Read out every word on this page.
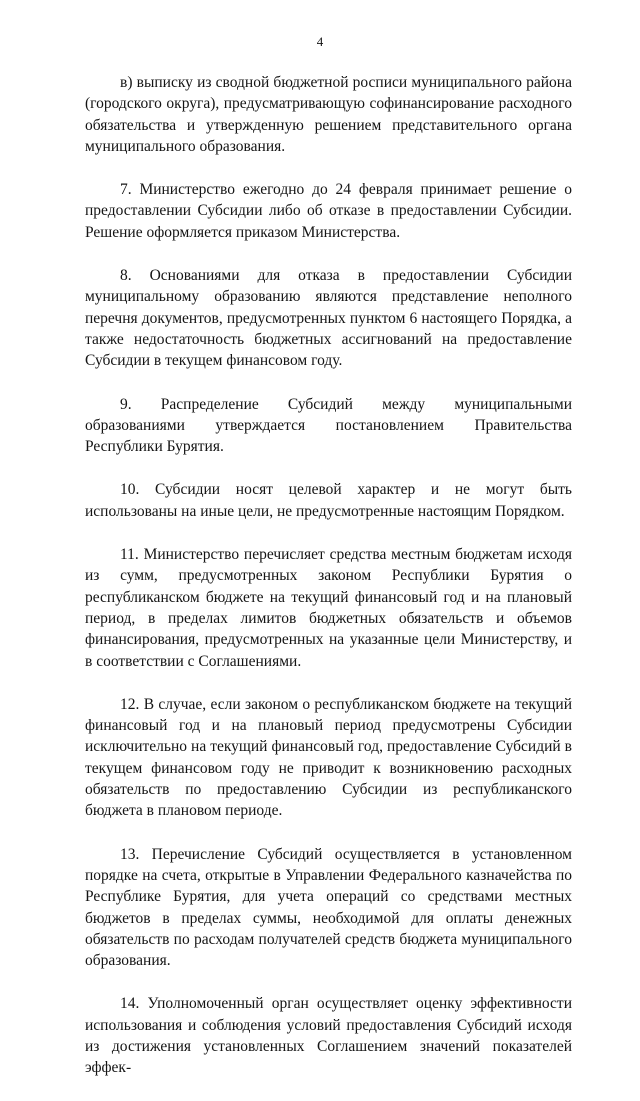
4

в) выписку из сводной бюджетной росписи муниципального района (городского округа), предусматривающую софинансирование расходного обязательства и утвержденную решением представительного органа муниципального образования.

7. Министерство ежегодно до 24 февраля принимает решение о предоставлении Субсидии либо об отказе в предоставлении Субсидии. Решение оформляется приказом Министерства.

8. Основаниями для отказа в предоставлении Субсидии муниципальному образованию являются представление неполного перечня документов, предусмотренных пунктом 6 настоящего Порядка, а также недостаточность бюджетных ассигнований на предоставление Субсидии в текущем финансовом году.

9. Распределение Субсидий между муниципальными образованиями утверждается постановлением Правительства Республики Бурятия.

10. Субсидии носят целевой характер и не могут быть использованы на иные цели, не предусмотренные настоящим Порядком.

11. Министерство перечисляет средства местным бюджетам исходя из сумм, предусмотренных законом Республики Бурятия о республиканском бюджете на текущий финансовый год и на плановый период, в пределах лимитов бюджетных обязательств и объемов финансирования, предусмотренных на указанные цели Министерству, и в соответствии с Соглашениями.

12. В случае, если законом о республиканском бюджете на текущий финансовый год и на плановый период предусмотрены Субсидии исключительно на текущий финансовый год, предоставление Субсидий в текущем финансовом году не приводит к возникновению расходных обязательств по предоставлению Субсидии из республиканского бюджета в плановом периоде.

13. Перечисление Субсидий осуществляется в установленном порядке на счета, открытые в Управлении Федерального казначейства по Республике Бурятия, для учета операций со средствами местных бюджетов в пределах суммы, необходимой для оплаты денежных обязательств по расходам получателей средств бюджета муниципального образования.

14. Уполномоченный орган осуществляет оценку эффективности использования и соблюдения условий предоставления Субсидий исходя из достижения установленных Соглашением значений показателей эффек-
